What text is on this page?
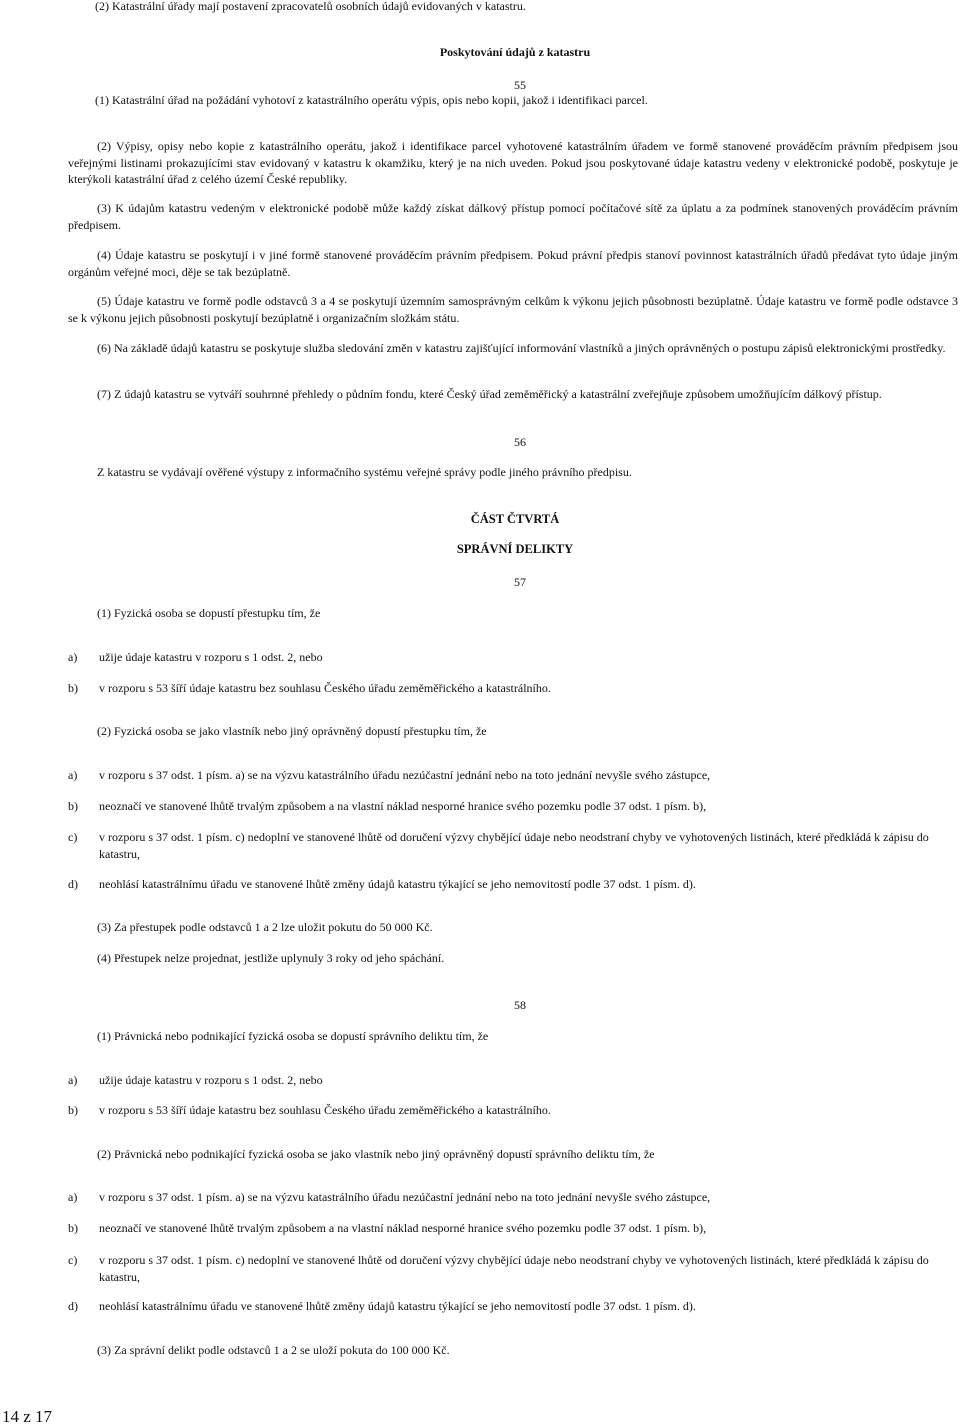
(2) Katastrální úřady mají postavení zpracovatelů osobních údajů evidovaných v katastru.

Poskytování údajů z katastru

55

(1) Katastrální úřad na požádání vyhotoví z katastrálního operátu výpis, opis nebo kopii, jakož i identifikaci parcel.

(2) Výpisy, opisy nebo kopie z katastrálního operátu, jakož i identifikace parcel vyhotovené katastrálním úřadem ve formě stanovené prováděcím právním předpisem jsou veřejnými listinami prokazujícími stav evidovaný v katastru k okamžiku, který je na nich uveden. Pokud jsou poskytované údaje katastru vedeny v elektronické podobě, poskytuje je kterýkoli katastrální úřad z celého území České republiky.

(3) K údajům katastru vedeným v elektronické podobě může každý získat dálkový přístup pomocí počítačové sítě za úplatu a za podmínek stanovených prováděcím právním předpisem.

(4) Údaje katastru se poskytují i v jiné formě stanovené prováděcím právním předpisem. Pokud právní předpis stanoví povinnost katastrálních úřadů předávat tyto údaje jiným orgánům veřejné moci, děje se tak bezúplatně.

(5) Údaje katastru ve formě podle odstavců 3 a 4 se poskytují územním samosprávným celkům k výkonu jejich působnosti bezúplatně. Údaje katastru ve formě podle odstavce 3 se k výkonu jejich působnosti poskytují bezúplatně i organizačním složkám státu.

(6) Na základě údajů katastru se poskytuje služba sledování změn v katastru zajišťující informování vlastníků a jiných oprávněných o postupu zápisů elektronickými prostředky.

(7) Z údajů katastru se vytváří souhrnné přehledy o půdním fondu, které Český úřad zeměměřický a katastrální zveřejňuje způsobem umožňujícím dálkový přístup.

56

Z katastru se vydávají ověřené výstupy z informačního systému veřejné správy podle jiného právního předpisu.

ČÁST ČTVRTÁ

SPRÁVNÍ DELIKTY

57

(1) Fyzická osoba se dopustí přestupku tím, že

a) užije údaje katastru v rozporu s 1 odst. 2, nebo

b) v rozporu s 53 šíří údaje katastru bez souhlasu Českého úřadu zeměměřického a katastrálního.

(2) Fyzická osoba se jako vlastník nebo jiný oprávněný dopustí přestupku tím, že

a) v rozporu s 37 odst. 1 písm. a) se na výzvu katastrálního úřadu nezúčastní jednání nebo na toto jednání nevyšle svého zástupce,

b) neoznačí ve stanovené lhůtě trvalým způsobem a na vlastní náklad nesporné hranice svého pozemku podle 37 odst. 1 písm. b),

c) v rozporu s 37 odst. 1 písm. c) nedoplní ve stanovené lhůtě od doručení výzvy chybějící údaje nebo neodstraní chyby ve vyhotovených listinách, které předkládá k zápisu do katastru,

d) neohlásí katastrálnímu úřadu ve stanovené lhůtě změny údajů katastru týkající se jeho nemovitostí podle 37 odst. 1 písm. d).

(3) Za přestupek podle odstavců 1 a 2 lze uložit pokutu do 50 000 Kč.

(4) Přestupek nelze projednat, jestliže uplynuly 3 roky od jeho spáchání.

58

(1) Právnická nebo podnikající fyzická osoba se dopustí správního deliktu tím, že

a) užije údaje katastru v rozporu s 1 odst. 2, nebo

b) v rozporu s 53 šíří údaje katastru bez souhlasu Českého úřadu zeměměřického a katastrálního.

(2) Právnická nebo podnikající fyzická osoba se jako vlastník nebo jiný oprávněný dopustí správního deliktu tím, že

a) v rozporu s 37 odst. 1 písm. a) se na výzvu katastrálního úřadu nezúčastní jednání nebo na toto jednání nevyšle svého zástupce,

b) neoznačí ve stanovené lhůtě trvalým způsobem a na vlastní náklad nesporné hranice svého pozemku podle 37 odst. 1 písm. b),

c) v rozporu s 37 odst. 1 písm. c) nedoplní ve stanovené lhůtě od doručení výzvy chybějící údaje nebo neodstraní chyby ve vyhotovených listinách, které předkládá k zápisu do katastru,

d) neohlásí katastrálnímu úřadu ve stanovené lhůtě změny údajů katastru týkající se jeho nemovitostí podle 37 odst. 1 písm. d).

(3) Za správní delikt podle odstavců 1 a 2 se uloží pokuta do 100 000 Kč.

14 z 17
